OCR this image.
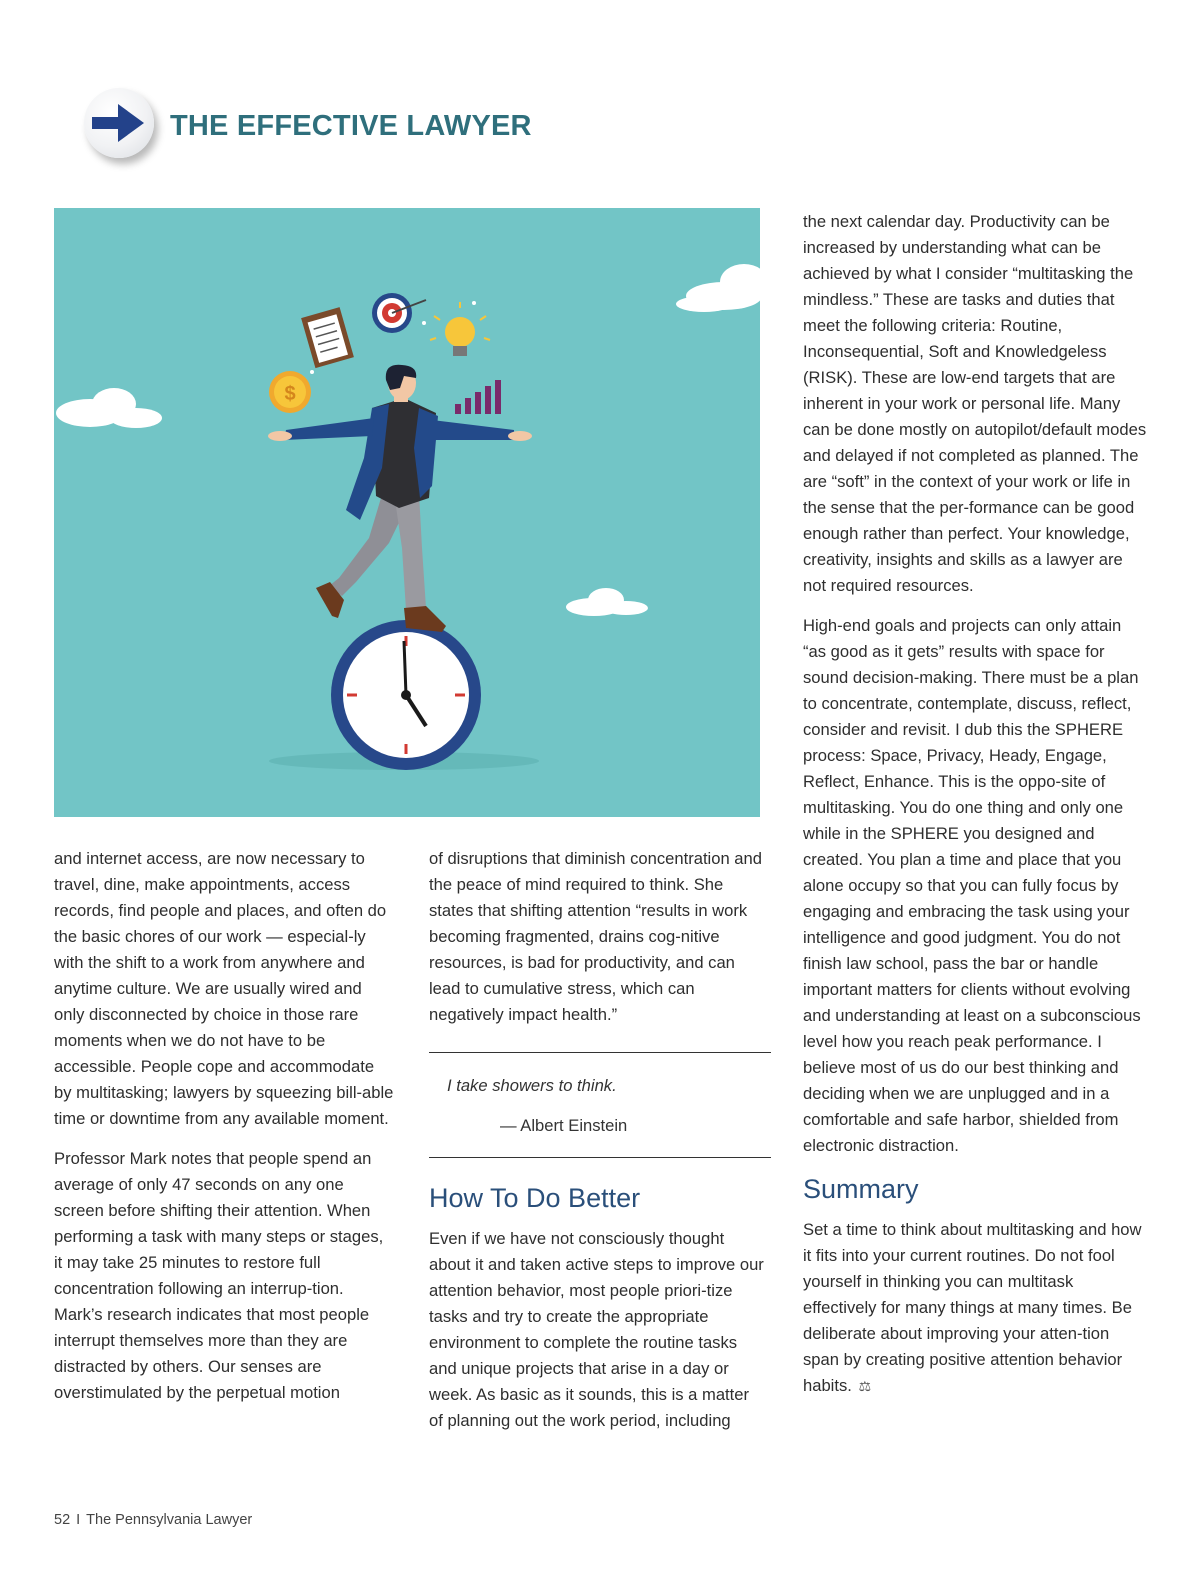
THE EFFECTIVE LAWYER
$

and internet access, are now necessary to travel, dine, make appointments, access records, find people and places, and often do the basic chores of our work — especial-ly with the shift to a work from anywhere and anytime culture. We are usually wired and only disconnected by choice in those rare moments when we do not have to be accessible. People cope and accommodate by multitasking; lawyers by squeezing bill-able time or downtime from any available moment.

Professor Mark notes that people spend an average of only 47 seconds on any one screen before shifting their attention. When performing a task with many steps or stages, it may take 25 minutes to restore full concentration following an interrup-tion. Mark’s research indicates that most people interrupt themselves more than they are distracted by others. Our senses are overstimulated by the perpetual motion

of disruptions that diminish concentration and the peace of mind required to think. She states that shifting attention “results in work becoming fragmented, drains cog-nitive resources, is bad for productivity, and can lead to cumulative stress, which can negatively impact health.”

I take showers to think.
— Albert Einstein
How To Do Better

Even if we have not consciously thought about it and taken active steps to improve our attention behavior, most people priori-tize tasks and try to create the appropriate environment to complete the routine tasks and unique projects that arise in a day or week. As basic as it sounds, this is a matter of planning out the work period, including

the next calendar day. Productivity can be increased by understanding what can be achieved by what I consider “multitasking the mindless.” These are tasks and duties that meet the following criteria: Routine, Inconsequential, Soft and Knowledgeless (RISK). These are low-end targets that are inherent in your work or personal life. Many can be done mostly on autopilot/default modes and delayed if not completed as planned. The are “soft” in the context of your work or life in the sense that the per-formance can be good enough rather than perfect. Your knowledge, creativity, insights and skills as a lawyer are not required resources.

High-end goals and projects can only attain “as good as it gets” results with space for sound decision-making. There must be a plan to concentrate, contemplate, discuss, reflect, consider and revisit. I dub this the SPHERE process: Space, Privacy, Heady, Engage, Reflect, Enhance. This is the oppo-site of multitasking. You do one thing and only one while in the SPHERE you designed and created. You plan a time and place that you alone occupy so that you can fully focus by engaging and embracing the task using your intelligence and good judgment. You do not finish law school, pass the bar or handle important matters for clients without evolving and understanding at least on a subconscious level how you reach peak performance. I believe most of us do our best thinking and deciding when we are unplugged and in a comfortable and safe harbor, shielded from electronic distraction.

Summary

Set a time to think about multitasking and how it fits into your current routines. Do not fool yourself in thinking you can multitask effectively for many things at many times. Be deliberate about improving your atten-tion span by creating positive attention behavior habits. ⚖

52 I The Pennsylvania Lawyer
